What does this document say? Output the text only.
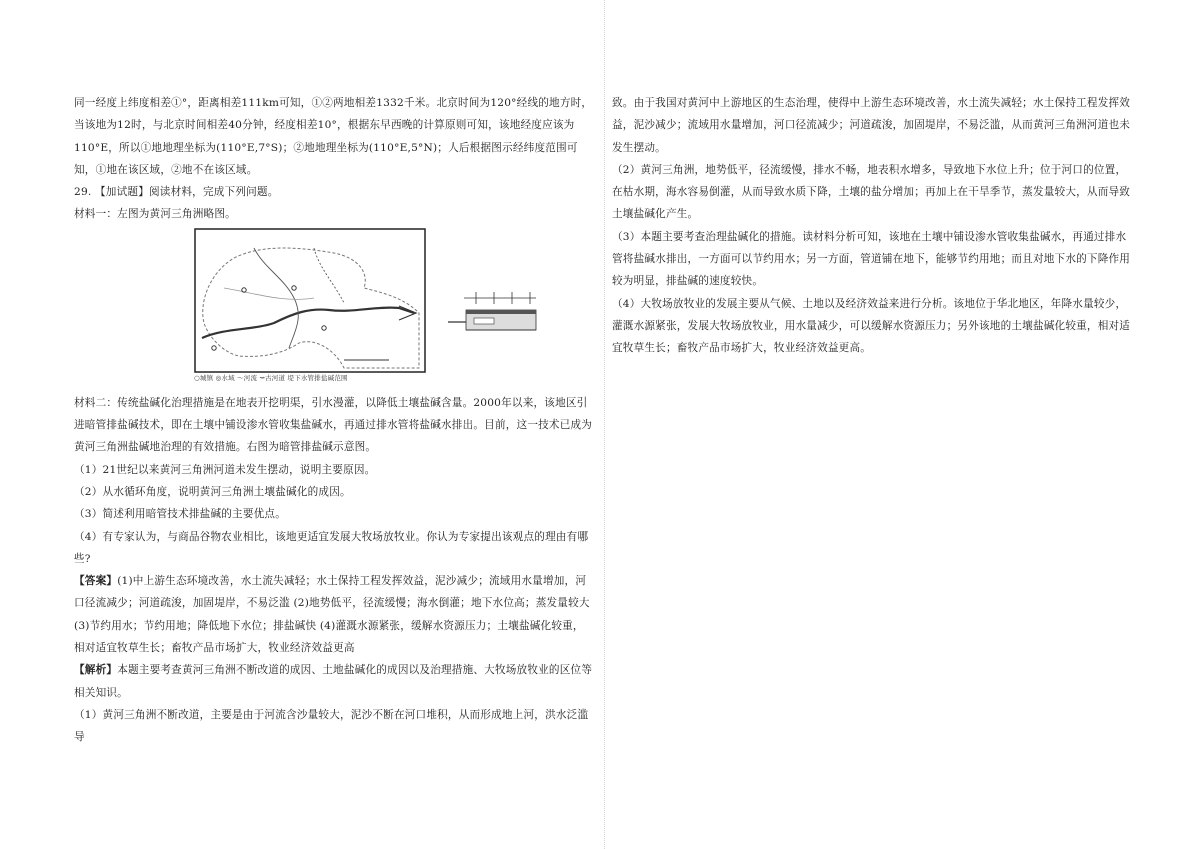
同一经度上纬度相差①°，距离相差111km可知，①②两地相差1332千米。北京时间为120°经线的地方时，当该地为12时，与北京时间相差40分钟，经度相差10°，根据东早西晚的计算原则可知，该地经度应该为110°E，所以①地地理坐标为(110°E,7°S)；②地地理坐标为(110°E,5°N)；人后根据图示经纬度范围可知，①地在该区域，②地不在该区域。

29. 【加试题】阅读材料，完成下列问题。

材料一：左图为黄河三角洲略图。

○城镇 ◎水域 ～河流 ⇝古河道 堤下水管排盐碱范围

材料二：传统盐碱化治理措施是在地表开挖明渠，引水漫灌，以降低土壤盐碱含量。2000年以来，该地区引进暗管排盐碱技术，即在土壤中铺设渗水管收集盐碱水，再通过排水管将盐碱水排出。目前，这一技术已成为黄河三角洲盐碱地治理的有效措施。右图为暗管排盐碱示意图。

（1）21世纪以来黄河三角洲河道未发生摆动，说明主要原因。

（2）从水循环角度，说明黄河三角洲土壤盐碱化的成因。

（3）简述利用暗管技术排盐碱的主要优点。

（4）有专家认为，与商品谷物农业相比，该地更适宜发展大牧场放牧业。你认为专家提出该观点的理由有哪些?

【答案】(1)中上游生态环境改善，水土流失减轻；水土保持工程发挥效益，泥沙减少；流域用水量增加，河口径流减少；河道疏浚，加固堤岸，不易泛滥 (2)地势低平，径流缓慢；海水倒灌；地下水位高；蒸发量较大 (3)节约用水；节约用地；降低地下水位；排盐碱快 (4)灌溉水源紧张，缓解水资源压力；土壤盐碱化较重，相对适宜牧草生长；畜牧产品市场扩大，牧业经济效益更高

【解析】本题主要考查黄河三角洲不断改道的成因、土地盐碱化的成因以及治理措施、大牧场放牧业的区位等相关知识。

（1）黄河三角洲不断改道，主要是由于河流含沙量较大，泥沙不断在河口堆积，从而形成地上河，洪水泛滥导

致。由于我国对黄河中上游地区的生态治理，使得中上游生态环境改善，水土流失减轻；水土保持工程发挥效益，泥沙减少；流域用水量增加，河口径流减少；河道疏浚，加固堤岸，不易泛滥，从而黄河三角洲河道也未发生摆动。

（2）黄河三角洲，地势低平，径流缓慢，排水不畅，地表积水增多，导致地下水位上升；位于河口的位置，在枯水期，海水容易倒灌，从而导致水质下降，土壤的盐分增加；再加上在干旱季节，蒸发量较大，从而导致土壤盐碱化产生。

（3）本题主要考查治理盐碱化的措施。读材料分析可知，该地在土壤中铺设渗水管收集盐碱水，再通过排水管将盐碱水排出，一方面可以节约用水；另一方面，管道铺在地下，能够节约用地；而且对地下水的下降作用较为明显，排盐碱的速度较快。

（4）大牧场放牧业的发展主要从气候、土地以及经济效益来进行分析。该地位于华北地区，年降水量较少，灌溉水源紧张，发展大牧场放牧业，用水量减少，可以缓解水资源压力；另外该地的土壤盐碱化较重，相对适宜牧草生长；畜牧产品市场扩大，牧业经济效益更高。
